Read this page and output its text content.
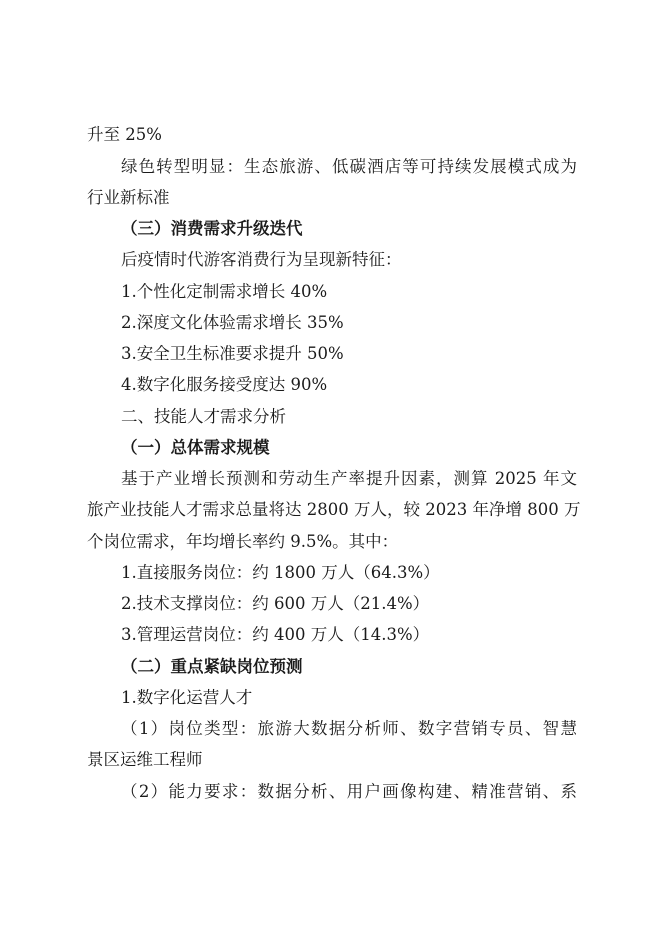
升至 25%
绿色转型明显：生态旅游、低碳酒店等可持续发展模式成为
行业新标准
（三）消费需求升级迭代
后疫情时代游客消费行为呈现新特征：
1.个性化定制需求增长 40%
2.深度文化体验需求增长 35%
3.安全卫生标准要求提升 50%
4.数字化服务接受度达 90%
二、技能人才需求分析
（一）总体需求规模
基于产业增长预测和劳动生产率提升因素，测算 2025 年文
旅产业技能人才需求总量将达 2800 万人，较 2023 年净增 800 万
个岗位需求，年均增长率约 9.5%。其中：
1.直接服务岗位：约 1800 万人（64.3%）
2.技术支撑岗位：约 600 万人（21.4%）
3.管理运营岗位：约 400 万人（14.3%）
（二）重点紧缺岗位预测
1.数字化运营人才
（1）岗位类型：旅游大数据分析师、数字营销专员、智慧
景区运维工程师
（2）能力要求：数据分析、用户画像构建、精准营销、系
